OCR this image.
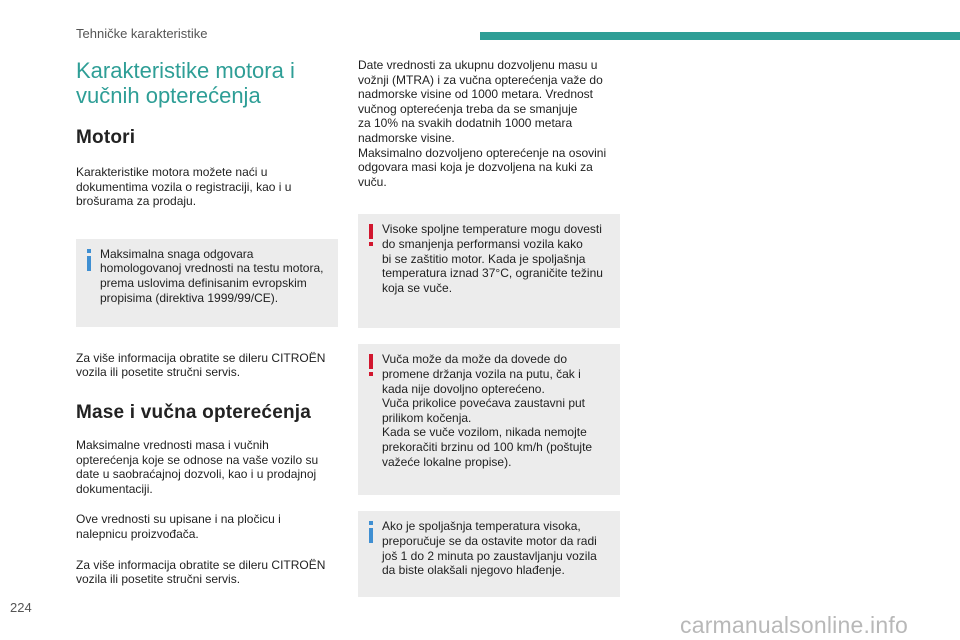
Tehničke karakteristike
Karakteristike motora i
vučnih opterećenja
Motori

Karakteristike motora možete naći u
dokumentima vozila o registraciji, kao i u
brošurama za prodaju.

Maksimalna snaga odgovara
homologovanoj vrednosti na testu motora,
prema uslovima definisanim evropskim
propisima (direktiva 1999/99/CE).

Za više informacija obratite se dileru CITROËN
vozila ili posetite stručni servis.

Mase i vučna opterećenja

Maksimalne vrednosti masa i vučnih
opterećenja koje se odnose na vaše vozilo su
date u saobraćajnoj dozvoli, kao i u prodajnoj
dokumentaciji.

Ove vrednosti su upisane i na pločicu i
nalepnicu proizvođača.

Za više informacija obratite se dileru CITROËN
vozila ili posetite stručni servis.

Date vrednosti za ukupnu dozvoljenu masu u
vožnji (MTRA) i za vučna opterećenja važe do
nadmorske visine od 1000 metara. Vrednost
vučnog opterećenja treba da se smanjuje
za 10% na svakih dodatnih 1000 metara
nadmorske visine.
Maksimalno dozvoljeno opterećenje na osovini
odgovara masi koja je dozvoljena na kuki za
vuču.

Visoke spoljne temperature mogu dovesti
do smanjenja performansi vozila kako
bi se zaštitio motor. Kada je spoljašnja
temperatura iznad 37°C, ograničite težinu
koja se vuče.
Vuča može da može da dovede do
promene držanja vozila na putu, čak i
kada nije dovoljno opterećeno.
Vuča prikolice povećava zaustavni put
prilikom kočenja.
Kada se vuče vozilom, nikada nemojte
prekoračiti brzinu od 100 km/h (poštujte
važeće lokalne propise).
Ako je spoljašnja temperatura visoka,
preporučuje se da ostavite motor da radi
još 1 do 2 minuta po zaustavljanju vozila
da biste olakšali njegovo hlađenje.
224
carmanualsonline.info
